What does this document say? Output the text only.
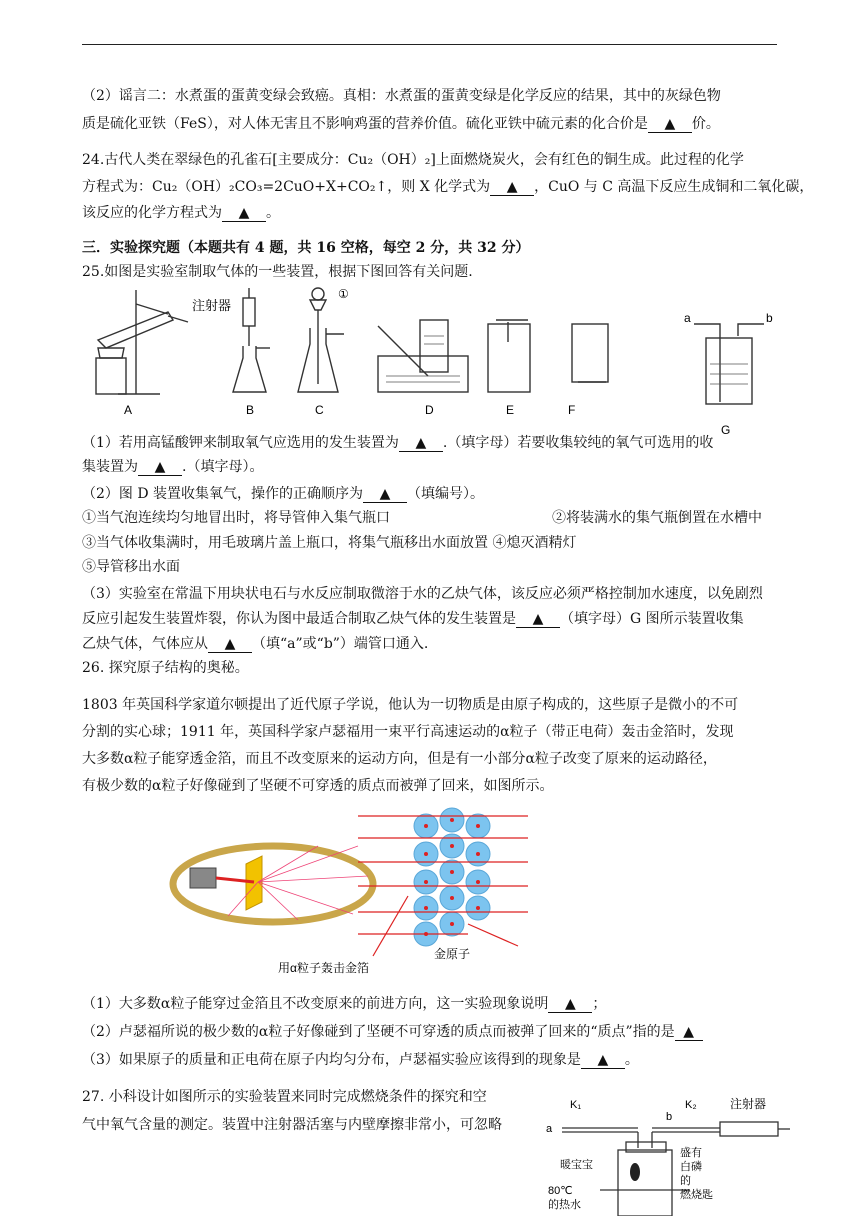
（2）谣言二：水煮蛋的蛋黄变绿会致癌。真相：水煮蛋的蛋黄变绿是化学反应的结果，其中的灰绿色物
质是硫化亚铁（FeS），对人体无害且不影响鸡蛋的营养价值。硫化亚铁中硫元素的化合价是 ▲ 价。
24.古代人类在翠绿色的孔雀石[主要成分：Cu₂（OH）₂]上面燃烧炭火，会有红色的铜生成。此过程的化学
方程式为：Cu₂（OH）₂CO₃=2CuO+X+CO₂↑，则 X 化学式为 ▲ ，CuO 与 C 高温下反应生成铜和二氧化碳，
该反应的化学方程式为 ▲ 。
三．实验探究题（本题共有 4 题，共 16 空格，每空 2 分，共 32 分）
25.如图是实验室制取气体的一些装置，根据下图回答有关问题.
注射器
①
A	B	C	D	E	F
G
a	b
（1）若用高锰酸钾来制取氧气应选用的发生装置为 ▲ .（填字母）若要收集较纯的氧气可选用的收
集装置为 ▲ .（填字母）。
（2）图 D 装置收集氧气，操作的正确顺序为 ▲ （填编号）。
①当气泡连续均匀地冒出时，将导管伸入集气瓶口	②将装满水的集气瓶倒置在水槽中
③当气体收集满时，用毛玻璃片盖上瓶口，将集气瓶移出水面放置 ④熄灭酒精灯
⑤导管移出水面
（3）实验室在常温下用块状电石与水反应制取微溶于水的乙炔气体，该反应必须严格控制加水速度，以免剧烈
反应引起发生装置炸裂，你认为图中最适合制取乙炔气体的发生装置是 ▲ （填字母）G 图所示装置收集
乙炔气体，气体应从 ▲ （填“a”或“b”）端管口通入.
26. 探究原子结构的奥秘。
1803 年英国科学家道尔顿提出了近代原子学说，他认为一切物质是由原子构成的，这些原子是微小的不可
分割的实心球；1911 年，英国科学家卢瑟福用一束平行高速运动的α粒子（带正电荷）轰击金箔时，发现
大多数α粒子能穿透金箔，而且不改变原来的运动方向，但是有一小部分α粒子改变了原来的运动路径，
有极少数的α粒子好像碰到了坚硬不可穿透的质点而被弹了回来，如图所示。
用α粒子轰击金箔
金原子
（1）大多数α粒子能穿过金箔且不改变原来的前进方向，这一实验现象说明 ▲ ；
（2）卢瑟福所说的极少数的α粒子好像碰到了坚硬不可穿透的质点而被弹了回来的“质点”指的是 ▲
（3）如果原子的质量和正电荷在原子内均匀分布，卢瑟福实验应该得到的现象是 ▲ 。
27. 小科设计如图所示的实验装置来同时完成燃烧条件的探究和空
气中氧气含量的测定。装置中注射器活塞与内壁摩擦非常小，可忽略
K₁	K₂	注射器
a
b
暖宝宝
盛有
白磷
的
燃烧匙
80℃
的热水
